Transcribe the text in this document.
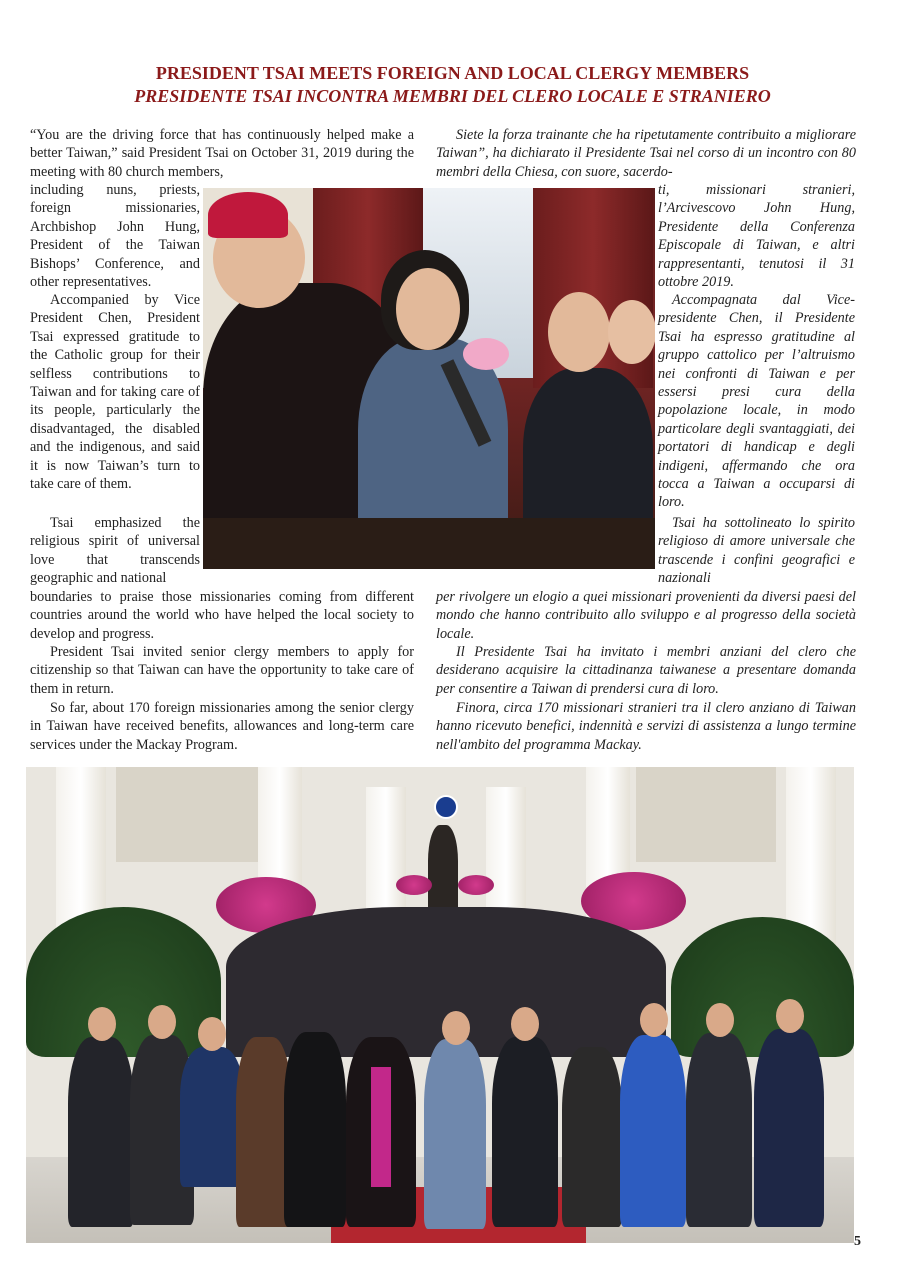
PRESIDENT TSAI MEETS FOREIGN AND LOCAL CLERGY MEMBERS
PRESIDENTE TSAI INCONTRA MEMBRI DEL CLERO LOCALE E STRANIERO

“You are the driving force that has continuously helped make a better Taiwan,” said President Tsai on October 31, 2019 during the meeting with 80 church members,

including nuns, priests, foreign missionaries, Archbishop John Hung, President of the Taiwan Bishops’ Conference, and other representatives.

Accompanied by Vice President Chen, President Tsai expressed gratitude to the Catholic group for their selfless contributions to Taiwan and for taking care of its people, particularly the disadvantaged, the disabled and the indigenous, and said it is now Taiwan’s turn to take care of them.

Tsai emphasized the religious spirit of universal love that transcends geographic and national

boundaries to praise those missionaries coming from different countries around the world who have helped the local society to develop and progress.

President Tsai invited senior clergy members to apply for citizenship so that Taiwan can have the opportunity to take care of them in return.

So far, about 170 foreign missionaries among the senior clergy in Taiwan have received benefits, allowances and long-term care services under the Mackay Program.

Siete la forza trainante che ha ripetutamente contribuito a migliorare Taiwan”, ha dichiarato il Presidente Tsai nel corso di un incontro con 80 membri della Chiesa, con suore, sacerdo-

ti, missionari stranieri, l’Arcivescovo John Hung, Presidente della Conferenza Episcopale di Taiwan, e altri rappresentanti, tenutosi il 31 ottobre 2019.

Accompagnata dal Vice-presidente Chen, il Presidente Tsai ha espresso gratitudine al gruppo cattolico per l’altruismo nei confronti di Taiwan e per essersi presi cura della popolazione locale, in modo particolare degli svantaggiati, dei portatori di handicap e degli indigeni, affermando che ora tocca a Taiwan a occuparsi di loro.

Tsai ha sottolineato lo spirito religioso di amore universale che trascende i confini geografici e nazionali

per rivolgere un elogio a quei missionari provenienti da diversi paesi del mondo che hanno contribuito allo sviluppo e al progresso della società locale.

Il Presidente Tsai ha invitato i membri anziani del clero che desiderano acquisire la cittadinanza taiwanese a presentare domanda per consentire a Taiwan di prendersi cura di loro.

Finora, circa 170 missionari stranieri tra il clero anziano di Taiwan hanno ricevuto benefici, indennità e servizi di assistenza a lungo termine nell'ambito del programma Mackay.

5
